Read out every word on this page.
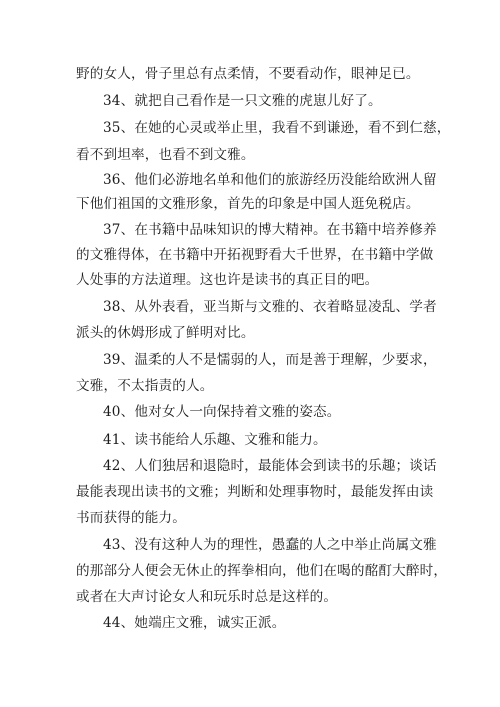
野的女人，骨子里总有点柔情，不要看动作，眼神足已。
34、就把自己看作是一只文雅的虎崽儿好了。
35、在她的心灵或举止里，我看不到谦逊，看不到仁慈，
看不到坦率，也看不到文雅。
36、他们必游地名单和他们的旅游经历没能给欧洲人留
下他们祖国的文雅形象，首先的印象是中国人逛免税店。
37、在书籍中品味知识的博大精神。在书籍中培养修养
的文雅得体，在书籍中开拓视野看大千世界，在书籍中学做
人处事的方法道理。这也许是读书的真正目的吧。
38、从外表看，亚当斯与文雅的、衣着略显凌乱、学者
派头的休姆形成了鲜明对比。
39、温柔的人不是懦弱的人，而是善于理解，少要求，
文雅，不太指责的人。
40、他对女人一向保持着文雅的姿态。
41、读书能给人乐趣、文雅和能力。
42、人们独居和退隐时，最能体会到读书的乐趣；谈话
最能表现出读书的文雅；判断和处理事物时，最能发挥由读
书而获得的能力。
43、没有这种人为的理性，愚蠢的人之中举止尚属文雅
的那部分人便会无休止的挥拳相向，他们在喝的酩酊大醉时，
或者在大声讨论女人和玩乐时总是这样的。
44、她端庄文雅，诚实正派。
